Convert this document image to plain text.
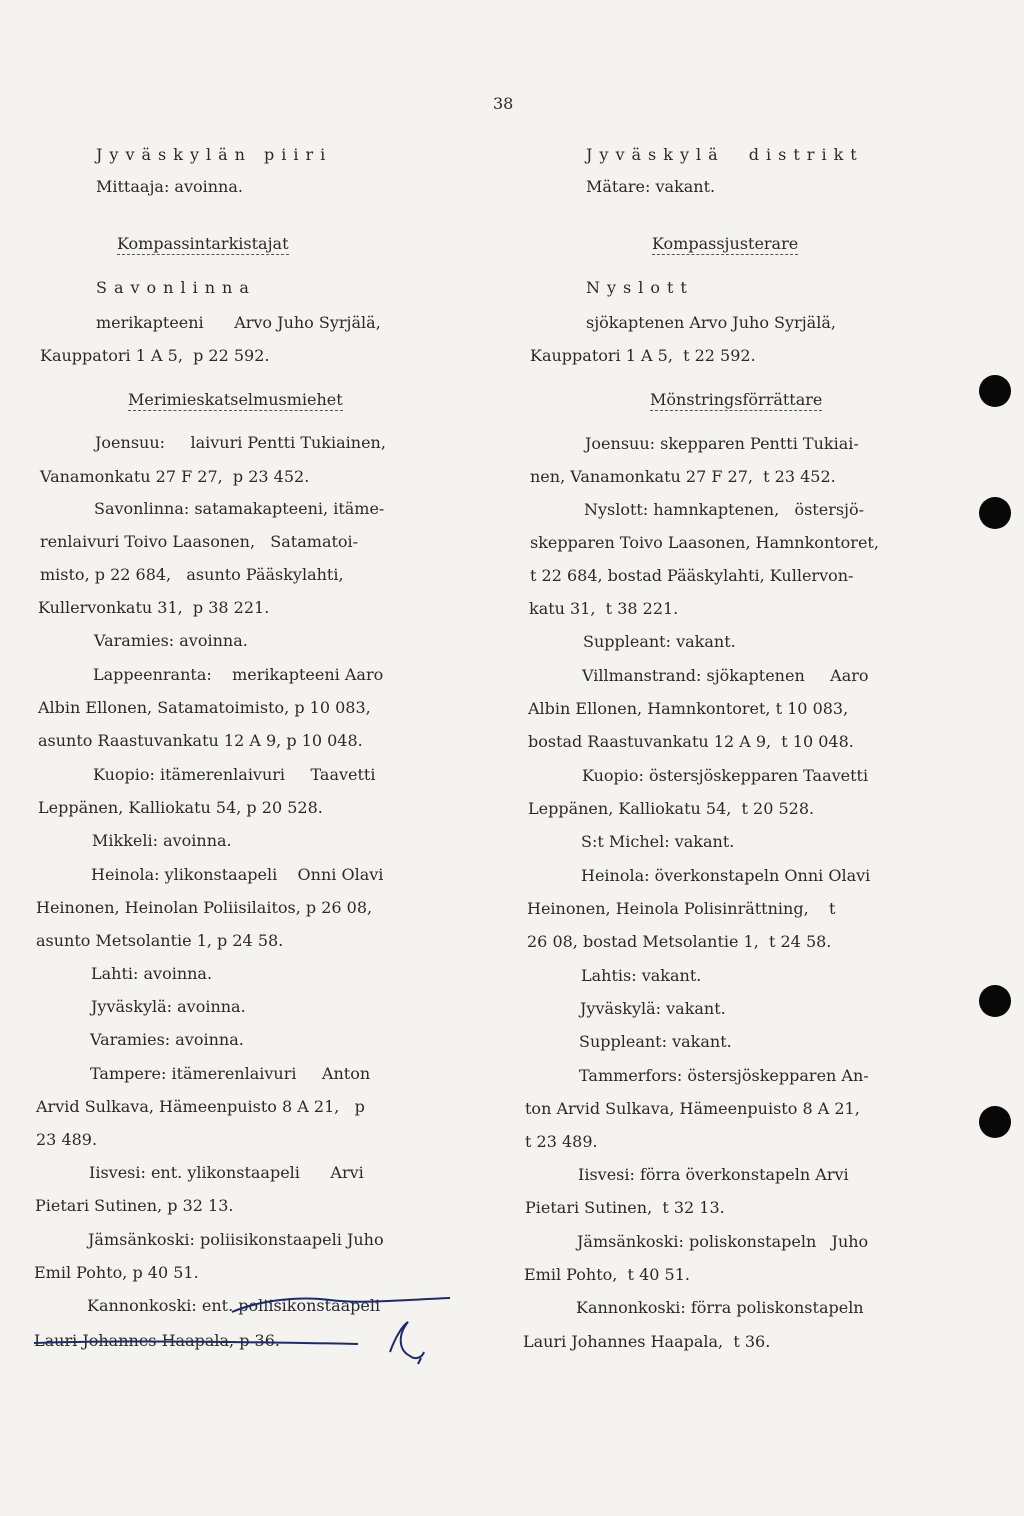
38
Jyväskylän piiri
Mittaaja: avoinna.
Kompassintarkistajat
Savonlinna
merikapteeni      Arvo Juho Syrjälä,
Kauppatori 1 A 5,  p 22 592.
Merimieskatselmusmiehet
Joensuu:     laivuri Pentti Tukiainen,
Vanamonkatu 27 F 27,  p 23 452.
Savonlinna: satamakapteeni, itäme-
renlaivuri Toivo Laasonen,   Satamatoi-
misto, p 22 684,   asunto Pääskylahti,
Kullervonkatu 31,  p 38 221.
Varamies: avoinna.
Lappeenranta:    merikapteeni Aaro
Albin Ellonen, Satamatoimisto, p 10 083,
asunto Raastuvankatu 12 A 9, p 10 048.
Kuopio: itämerenlaivuri     Taavetti
Leppänen, Kalliokatu 54, p 20 528.
Mikkeli: avoinna.
Heinola: ylikonstaapeli    Onni Olavi
Heinonen, Heinolan Poliisilaitos, p 26 08,
asunto Metsolantie 1, p 24 58.
Lahti: avoinna.
Jyväskylä: avoinna.
Varamies: avoinna.
Tampere: itämerenlaivuri     Anton
Arvid Sulkava, Hämeenpuisto 8 A 21,   p
23 489.
Iisvesi: ent. ylikonstaapeli      Arvi
Pietari Sutinen, p 32 13.
Jämsänkoski: poliisikonstaapeli Juho
Emil Pohto, p 40 51.
Kannonkoski: ent. poliisikonstaapeli
Lauri Johannes Haapala, p 36.
Jyväskylä  distrikt
Mätare: vakant.
Kompassjusterare
Nyslott
sjökaptenen Arvo Juho Syrjälä,
Kauppatori 1 A 5,  t 22 592.
Mönstringsförrättare
Joensuu: skepparen Pentti Tukiai-
nen, Vanamonkatu 27 F 27,  t 23 452.
Nyslott: hamnkaptenen,   östersjö-
skepparen Toivo Laasonen, Hamnkontoret,
t 22 684, bostad Pääskylahti, Kullervon-
katu 31,  t 38 221.
Suppleant: vakant.
Villmanstrand: sjökaptenen     Aaro
Albin Ellonen, Hamnkontoret, t 10 083,
bostad Raastuvankatu 12 A 9,  t 10 048.
Kuopio: östersjöskepparen Taavetti
Leppänen, Kalliokatu 54,  t 20 528.
S:t Michel: vakant.
Heinola: överkonstapeln Onni Olavi
Heinonen, Heinola Polisinrättning,    t
26 08, bostad Metsolantie 1,  t 24 58.
Lahtis: vakant.
Jyväskylä: vakant.
Suppleant: vakant.
Tammerfors: östersjöskepparen An-
ton Arvid Sulkava, Hämeenpuisto 8 A 21,
t 23 489.
Iisvesi: förra överkonstapeln Arvi
Pietari Sutinen,  t 32 13.
Jämsänkoski: poliskonstapeln   Juho
Emil Pohto,  t 40 51.
Kannonkoski: förra poliskonstapeln
Lauri Johannes Haapala,  t 36.
